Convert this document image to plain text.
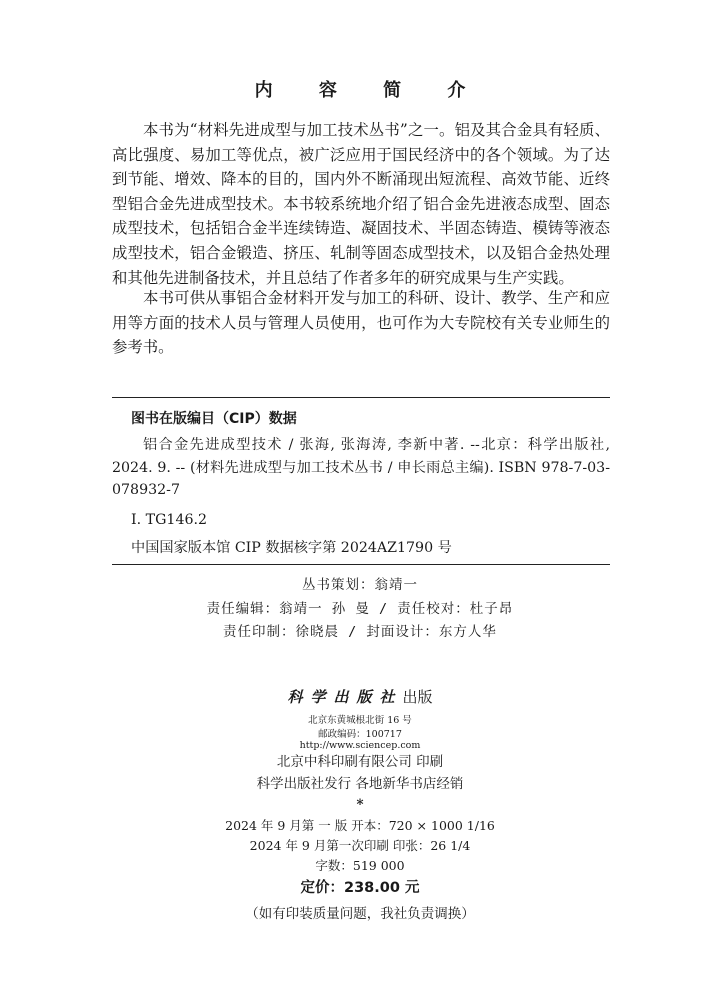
内 容 简 介
本书为“材料先进成型与加工技术丛书”之一。铝及其合金具有轻质、高比强度、易加工等优点，被广泛应用于国民经济中的各个领域。为了达到节能、增效、降本的目的，国内外不断涌现出短流程、高效节能、近终型铝合金先进成型技术。本书较系统地介绍了铝合金先进液态成型、固态成型技术，包括铝合金半连续铸造、凝固技术、半固态铸造、模铸等液态成型技术，铝合金锻造、挤压、轧制等固态成型技术，以及铝合金热处理和其他先进制备技术，并且总结了作者多年的研究成果与生产实践。
本书可供从事铝合金材料开发与加工的科研、设计、教学、生产和应用等方面的技术人员与管理人员使用，也可作为大专院校有关专业师生的参考书。
图书在版编目（CIP）数据
铝合金先进成型技术 / 张海, 张海涛, 李新中著. --北京：科学出版社, 2024. 9. -- (材料先进成型与加工技术丛书 / 申长雨总主编). ISBN 978-7-03-078932-7
Ⅰ. TG146.2
中国国家版本馆 CIP 数据核字第 2024AZ1790 号
丛书策划：翁靖一
责任编辑：翁靖一 孙 曼 / 责任校对：杜子昂
责任印制：徐晓晨 / 封面设计：东方人华
科学出版社出版
北京东黄城根北街 16 号
邮政编码：100717
http://www.sciencep.com
北京中科印刷有限公司 印刷
科学出版社发行 各地新华书店经销
*
2024 年 9 月第 一 版 开本：720 × 1000 1/16
2024 年 9 月第一次印刷 印张：26 1/4
字数：519 000
定价：238.00 元
（如有印装质量问题，我社负责调换）
